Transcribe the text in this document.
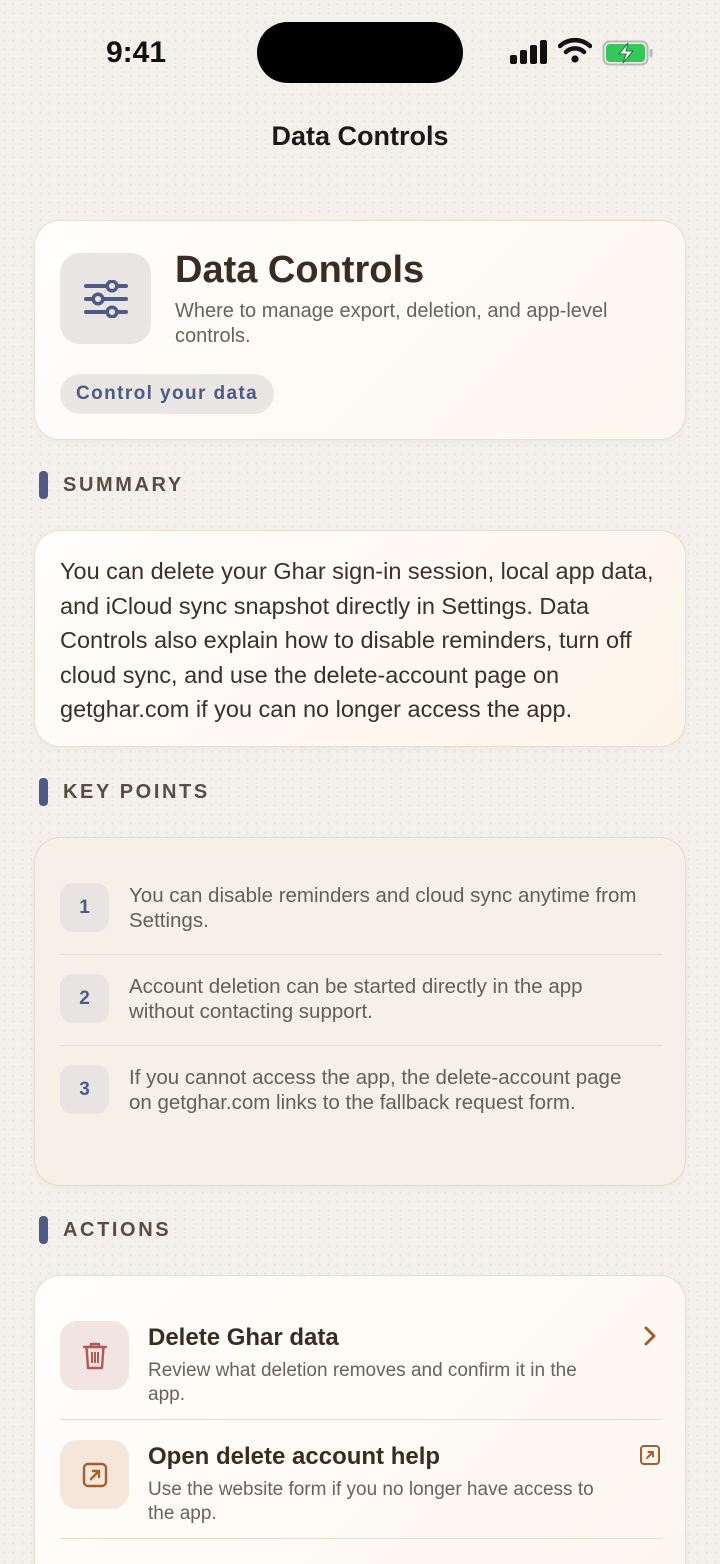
9:41
Data Controls
Data Controls
Where to manage export, deletion, and app-level controls.
Control your data
SUMMARY
You can delete your Ghar sign-in session, local app data, and iCloud sync snapshot directly in Settings. Data Controls also explain how to disable reminders, turn off cloud sync, and use the delete-account page on getghar.com if you can no longer access the app.
KEY POINTS
1
You can disable reminders and cloud sync anytime from Settings.
2
Account deletion can be started directly in the app without contacting support.
3
If you cannot access the app, the delete-account page on getghar.com links to the fallback request form.
ACTIONS
Delete Ghar data
Review what deletion removes and confirm it in the app.
Open delete account help
Use the website form if you no longer have access to the app.
